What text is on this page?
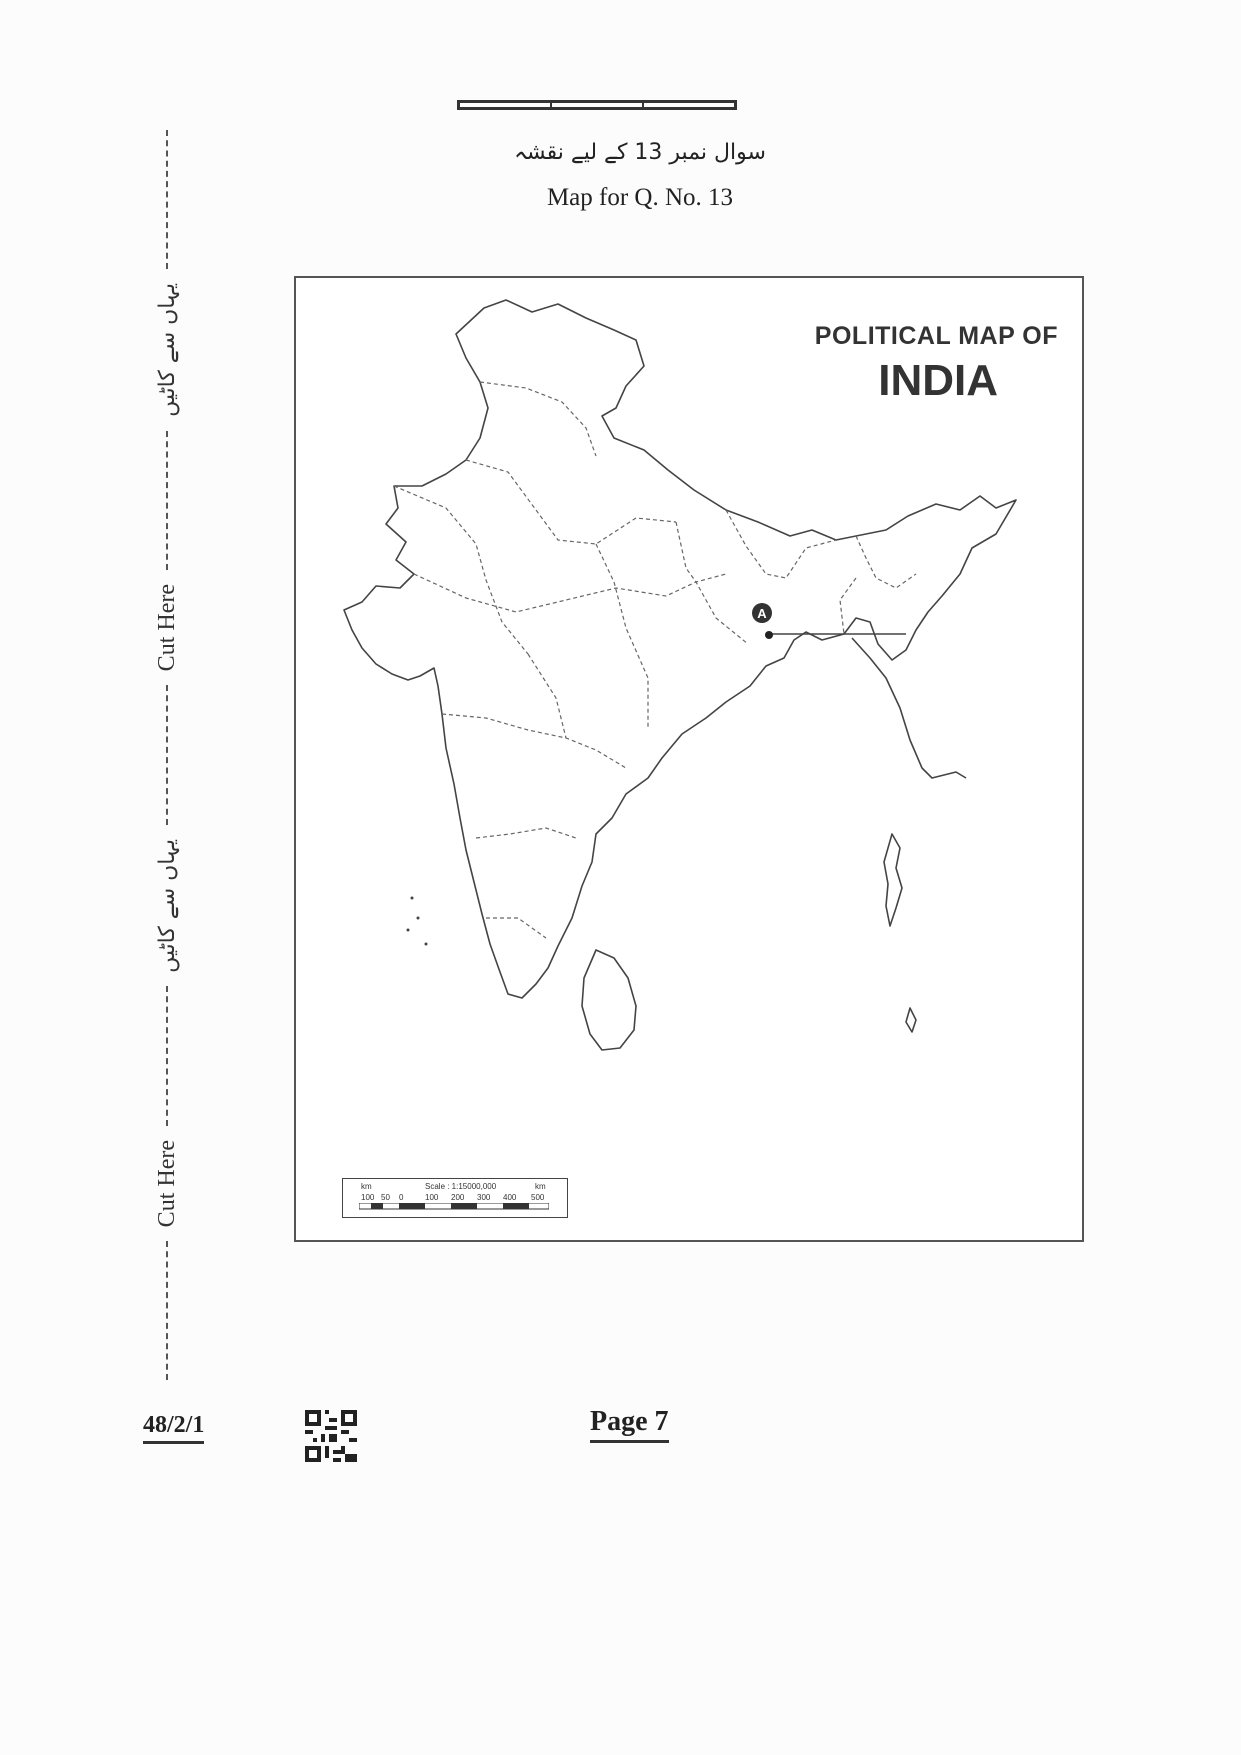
سوال نمبر 13 کے لیے نقشہ
Map for Q. No. 13
یہاں سے کاٹیں
Cut Here
یہاں سے کاٹیں
Cut Here
A
POLITICAL MAP OF
INDIA
km	Scale : 1:15000,000	km
100 50 0	100 200 300 400 500
48/2/1	Page 7
